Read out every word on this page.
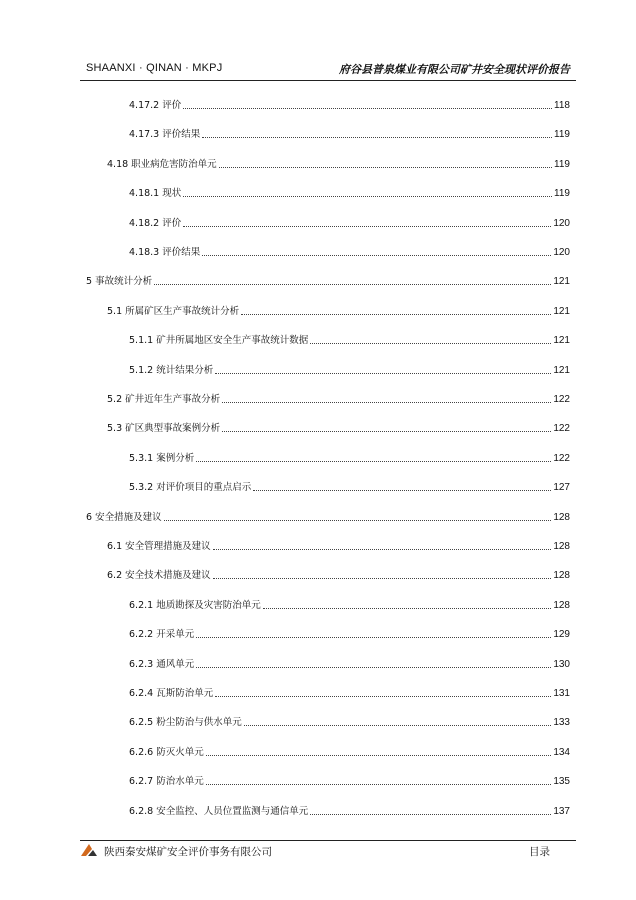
SHAANXI · QINAN · MKPJ	府谷县普泉煤业有限公司矿井安全现状评价报告
4.17.2 评价	118
4.17.3 评价结果	119
4.18 职业病危害防治单元	119
4.18.1 现状	119
4.18.2 评价	120
4.18.3 评价结果	120
5 事故统计分析	121
5.1 所属矿区生产事故统计分析	121
5.1.1 矿井所属地区安全生产事故统计数据	121
5.1.2 统计结果分析	121
5.2 矿井近年生产事故分析	122
5.3 矿区典型事故案例分析	122
5.3.1 案例分析	122
5.3.2 对评价项目的重点启示	127
6 安全措施及建议	128
6.1 安全管理措施及建议	128
6.2 安全技术措施及建议	128
6.2.1 地质勘探及灾害防治单元	128
6.2.2 开采单元	129
6.2.3 通风单元	130
6.2.4 瓦斯防治单元	131
6.2.5 粉尘防治与供水单元	133
6.2.6 防灭火单元	134
6.2.7 防治水单元	135
6.2.8 安全监控、人员位置监测与通信单元	137
陕西秦安煤矿安全评价事务有限公司	目录
